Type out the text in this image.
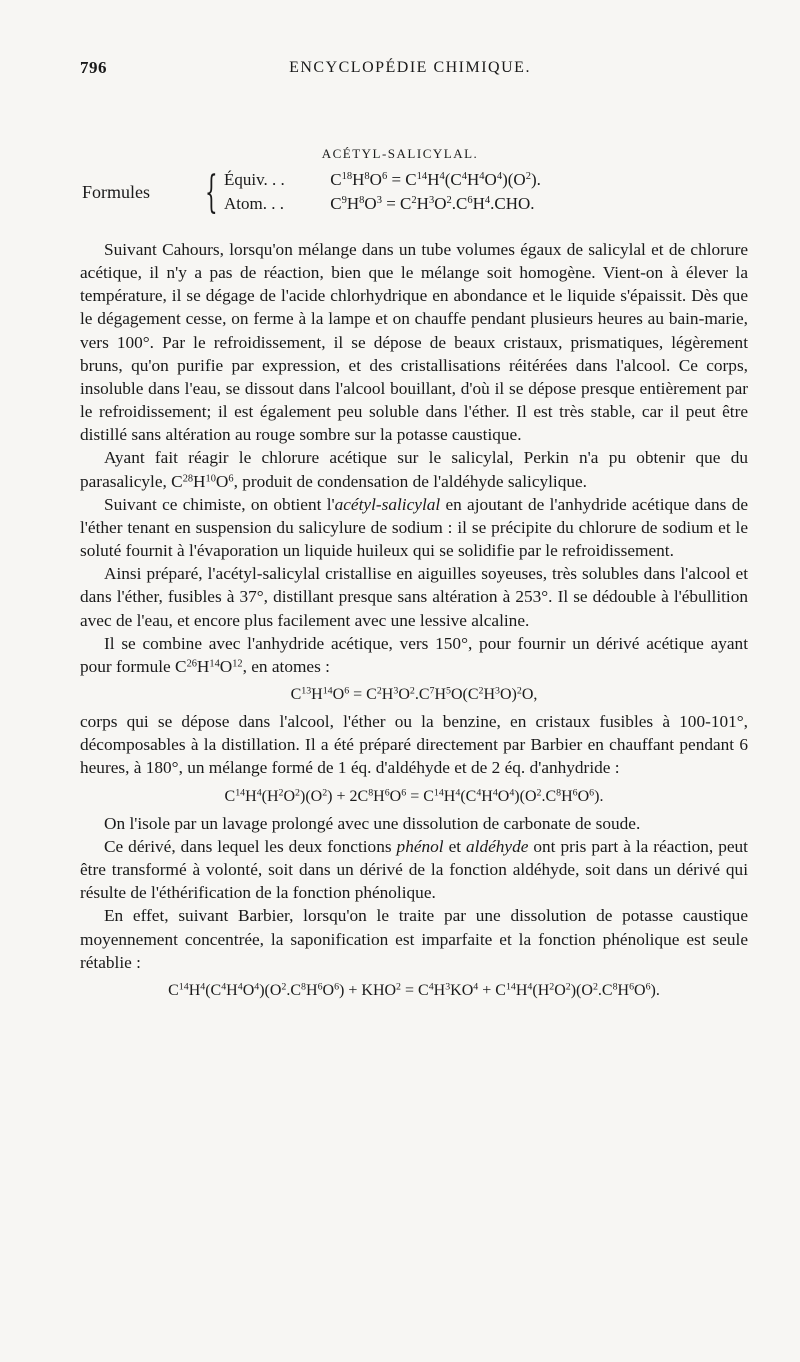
796	ENCYCLOPÉDIE CHIMIQUE.
ACÉTYL-SALICYLAL.
Formules { Équiv. . .	$C^{18}H^8O^6 = C^{14}H^4(C^4H^4O^4)(O^2)$.
Atom. . .	$C^9H^8O^3 = C^2H^3O^2.C^6H^4.CHO$.

Suivant Cahours, lorsqu'on mélange dans un tube volumes égaux de salicylal et de chlorure acétique, il n'y a pas de réaction, bien que le mélange soit homogène. Vient-on à élever la température, il se dégage de l'acide chlorhydrique en abondance et le liquide s'épaissit. Dès que le dégagement cesse, on ferme à la lampe et on chauffe pendant plusieurs heures au bain-marie, vers 100°. Par le refroidissement, il se dépose de beaux cristaux, prismatiques, légèrement bruns, qu'on purifie par expression, et des cristallisations réitérées dans l'alcool. Ce corps, insoluble dans l'eau, se dissout dans l'alcool bouillant, d'où il se dépose presque entièrement par le refroidissement; il est également peu soluble dans l'éther. Il est très stable, car il peut être distillé sans altération au rouge sombre sur la potasse caustique.

Ayant fait réagir le chlorure acétique sur le salicylal, Perkin n'a pu obtenir que du parasalicyle, $C^{28}H^{10}O^6$, produit de condensation de l'aldéhyde salicylique.

Suivant ce chimiste, on obtient l'acétyl-salicylal en ajoutant de l'anhydride acétique dans de l'éther tenant en suspension du salicylure de sodium : il se précipite du chlorure de sodium et le soluté fournit à l'évaporation un liquide huileux qui se solidifie par le refroidissement.

Ainsi préparé, l'acétyl-salicylal cristallise en aiguilles soyeuses, très solubles dans l'alcool et dans l'éther, fusibles à 37°, distillant presque sans altération à 253°. Il se dédouble à l'ébullition avec de l'eau, et encore plus facilement avec une lessive alcaline.

Il se combine avec l'anhydride acétique, vers 150°, pour fournir un dérivé acétique ayant pour formule $C^{26}H^{14}O^{12}$, en atomes :

$C^{13}H^{14}O^6 = C^2H^3O^2.C^7H^5O(C^2H^3O)^2O$,

corps qui se dépose dans l'alcool, l'éther ou la benzine, en cristaux fusibles à 100-101°, décomposables à la distillation. Il a été préparé directement par Barbier en chauffant pendant 6 heures, à 180°, un mélange formé de 1 éq. d'aldéhyde et de 2 éq. d'anhydride :

$C^{14}H^4(H^2O^2)(O^2) + 2C^8H^6O^6 = C^{14}H^4(C^4H^4O^4)(O^2.C^8H^6O^6)$.

On l'isole par un lavage prolongé avec une dissolution de carbonate de soude.

Ce dérivé, dans lequel les deux fonctions phénol et aldéhyde ont pris part à la réaction, peut être transformé à volonté, soit dans un dérivé de la fonction aldéhyde, soit dans un dérivé qui résulte de l'éthérification de la fonction phénolique.

En effet, suivant Barbier, lorsqu'on le traite par une dissolution de potasse caustique moyennement concentrée, la saponification est imparfaite et la fonction phénolique est seule rétablie :

$C^{14}H^4(C^4H^4O^4)(O^2.C^8H^6O^6) + KHO^2 = C^4H^3KO^4 + C^{14}H^4(H^2O^2)(O^2.C^8H^6O^6)$.
